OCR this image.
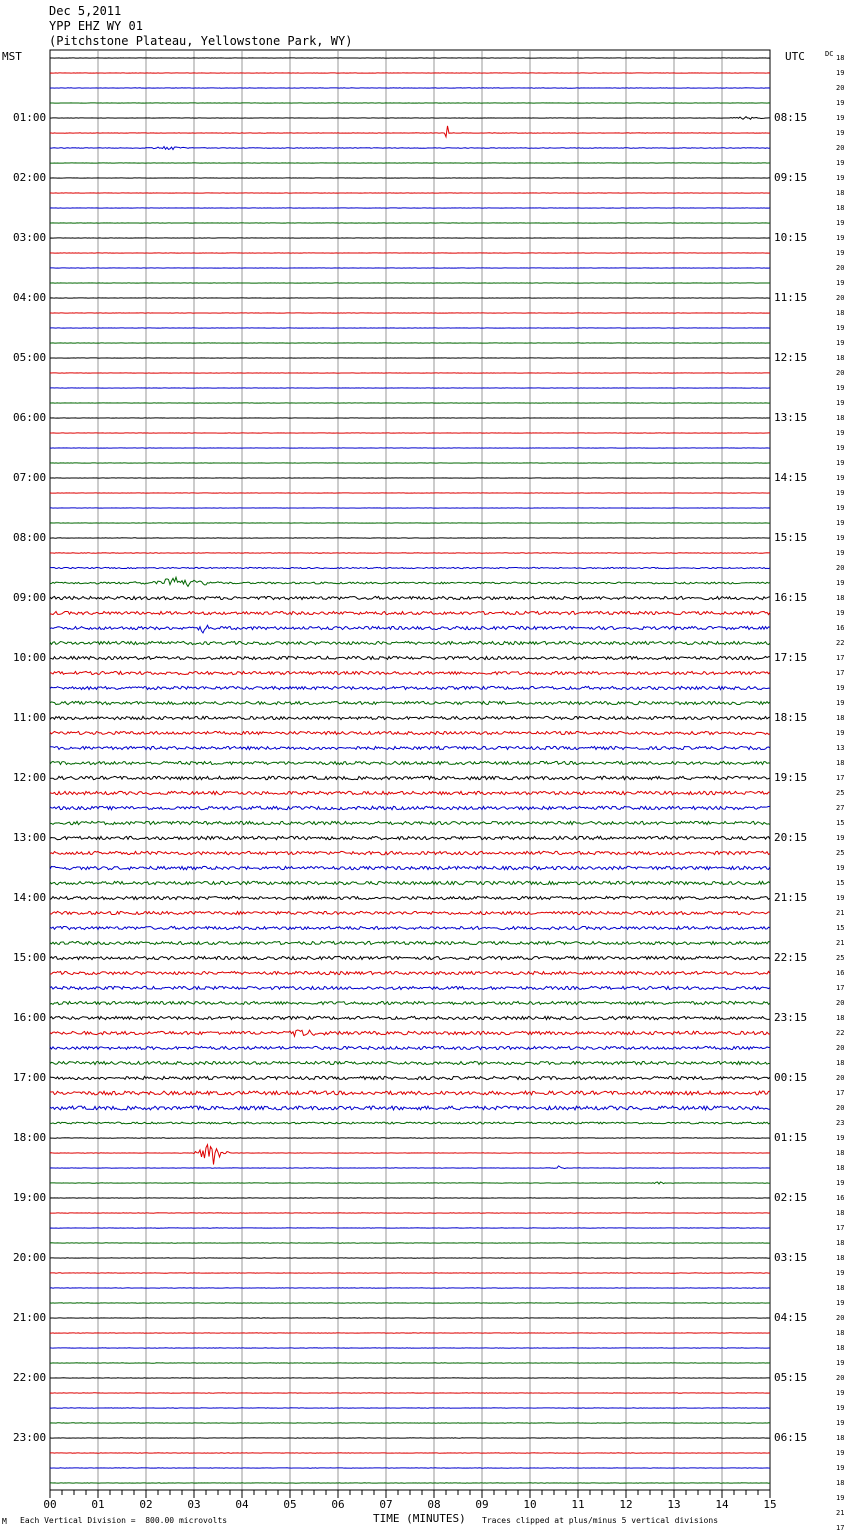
Dec 5,2011
YPP EHZ WY 01
(Pitchstone Plateau, Yellowstone Park, WY)
MST	UTC	DC
00	01	02	03	04	05	06	07	08	09	10	11	12	13	14	15
01:00
02:00
03:00
04:00
05:00
06:00
07:00
08:00
09:00
10:00
11:00
12:00
13:00
14:00
15:00
16:00
17:00
18:00
19:00
20:00
21:00
22:00
23:00
08:15
09:15
10:15
11:15
12:15
13:15
14:15
15:15
16:15
17:15
18:15
19:15
20:15
21:15
22:15
23:15
00:15
01:15
02:15
03:15
04:15
05:15
06:15
18
19
20
19
19
19
20
19
19
18
18
19
19
19
20
19
20
18
19
19
18
20
19
19
18
19
19
19
19
19
19
19
19
19
20
19
18
19
16
22
17
17
19
19
18
19
13
18
17
25
27
15
19
25
19
15
19
21
15
21
25
16
17
20
18
22
20
18
20
17
20
23
19
18
18
19
16
18
17
18
18
19
18
19
20
18
18
19
20
19
19
19
18
19
19
18
19
21
17
M Each Vertical Division =  800.00 microvolts	TIME (MINUTES) Traces clipped at plus/minus 5 vertical divisions
